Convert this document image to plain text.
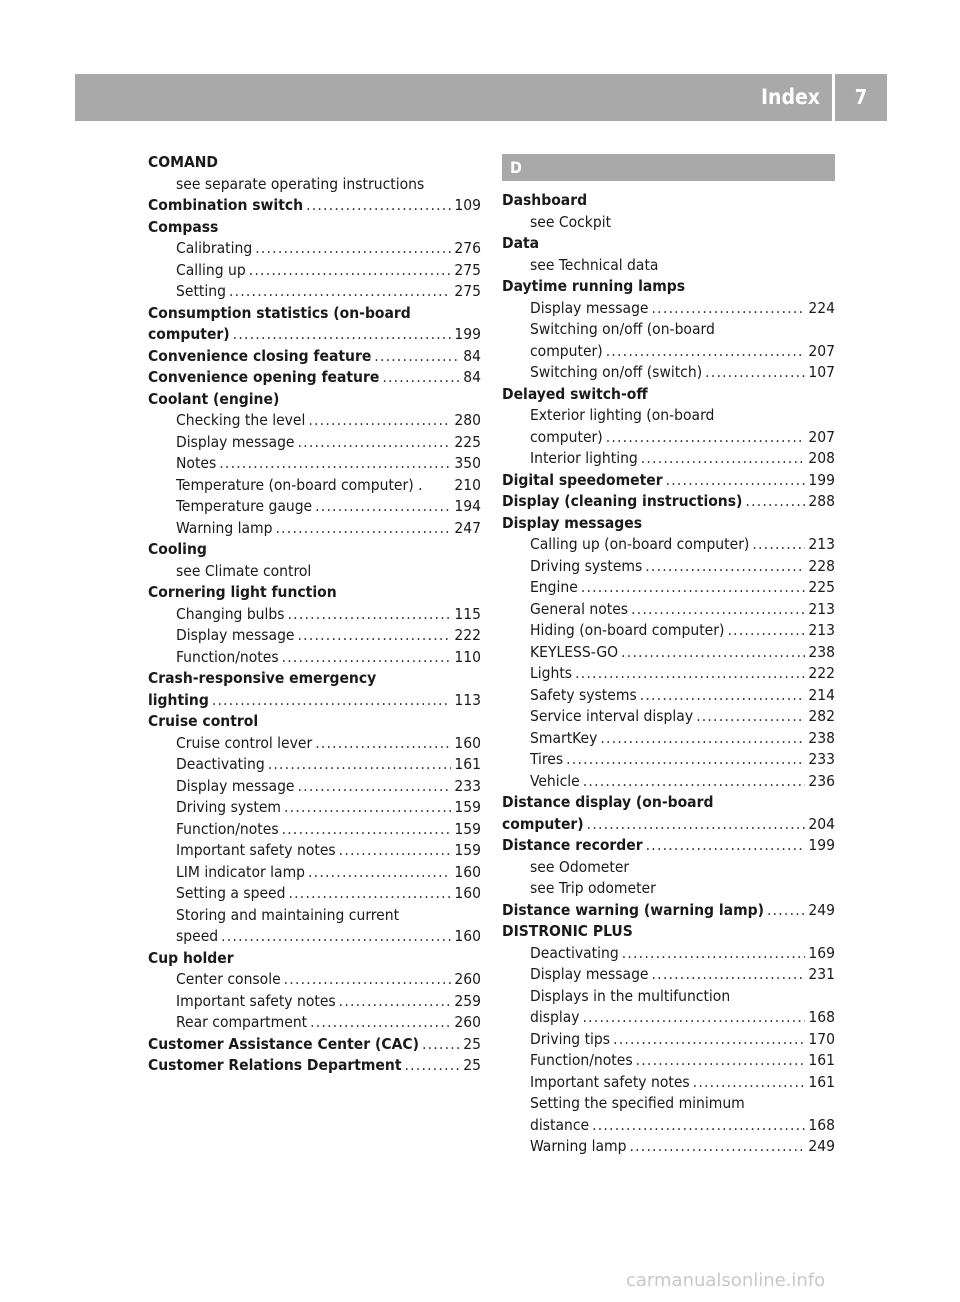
Index	7
COMAND
see separate operating instructions
Combination switch . . .	109
Compass
Calibrating . . .	276
Calling up . . .	275
Setting . . .	275
Consumption statistics (on-board
computer) . . .	199
Convenience closing feature . . .	84
Convenience opening feature . . .	84
Coolant (engine)
Checking the level . . .	280
Display message . . .	225
Notes . . .	350
Temperature (on-board computer) . 210
Temperature gauge . . .	194
Warning lamp . . .	247
Cooling
see Climate control
Cornering light function
Changing bulbs . . .	115
Display message . . .	222
Function/notes . . .	110
Crash-responsive emergency
lighting . . .	113
Cruise control
Cruise control lever . . .	160
Deactivating . . .	161
Display message . . .	233
Driving system . . .	159
Function/notes . . .	159
Important safety notes . . .	159
LIM indicator lamp . . .	160
Setting a speed . . .	160
Storing and maintaining current
speed . . .	160
Cup holder
Center console . . .	260
Important safety notes . . .	259
Rear compartment . . .	260
Customer Assistance Center (CAC) . . .	25
Customer Relations Department . . .	25
D
Dashboard
see Cockpit
Data
see Technical data
Daytime running lamps
Display message . . .	224
Switching on/off (on-board
computer) . . .	207
Switching on/off (switch) . . .	107
Delayed switch-off
Exterior lighting (on-board
computer) . . .	207
Interior lighting . . .	208
Digital speedometer . . .	199
Display (cleaning instructions) . . .	288
Display messages
Calling up (on-board computer) . . .	213
Driving systems . . .	228
Engine . . .	225
General notes . . .	213
Hiding (on-board computer) . . .	213
KEYLESS-GO . . .	238
Lights . . .	222
Safety systems . . .	214
Service interval display . . .	282
SmartKey . . .	238
Tires . . .	233
Vehicle . . .	236
Distance display (on-board
computer) . . .	204
Distance recorder . . .	199
see Odometer
see Trip odometer
Distance warning (warning lamp) . . .	249
DISTRONIC PLUS
Deactivating . . .	169
Display message . . .	231
Displays in the multifunction
display . . .	168
Driving tips . . .	170
Function/notes . . .	161
Important safety notes . . .	161
Setting the specified minimum
distance . . .	168
Warning lamp . . .	249
carmanualsonline.info
